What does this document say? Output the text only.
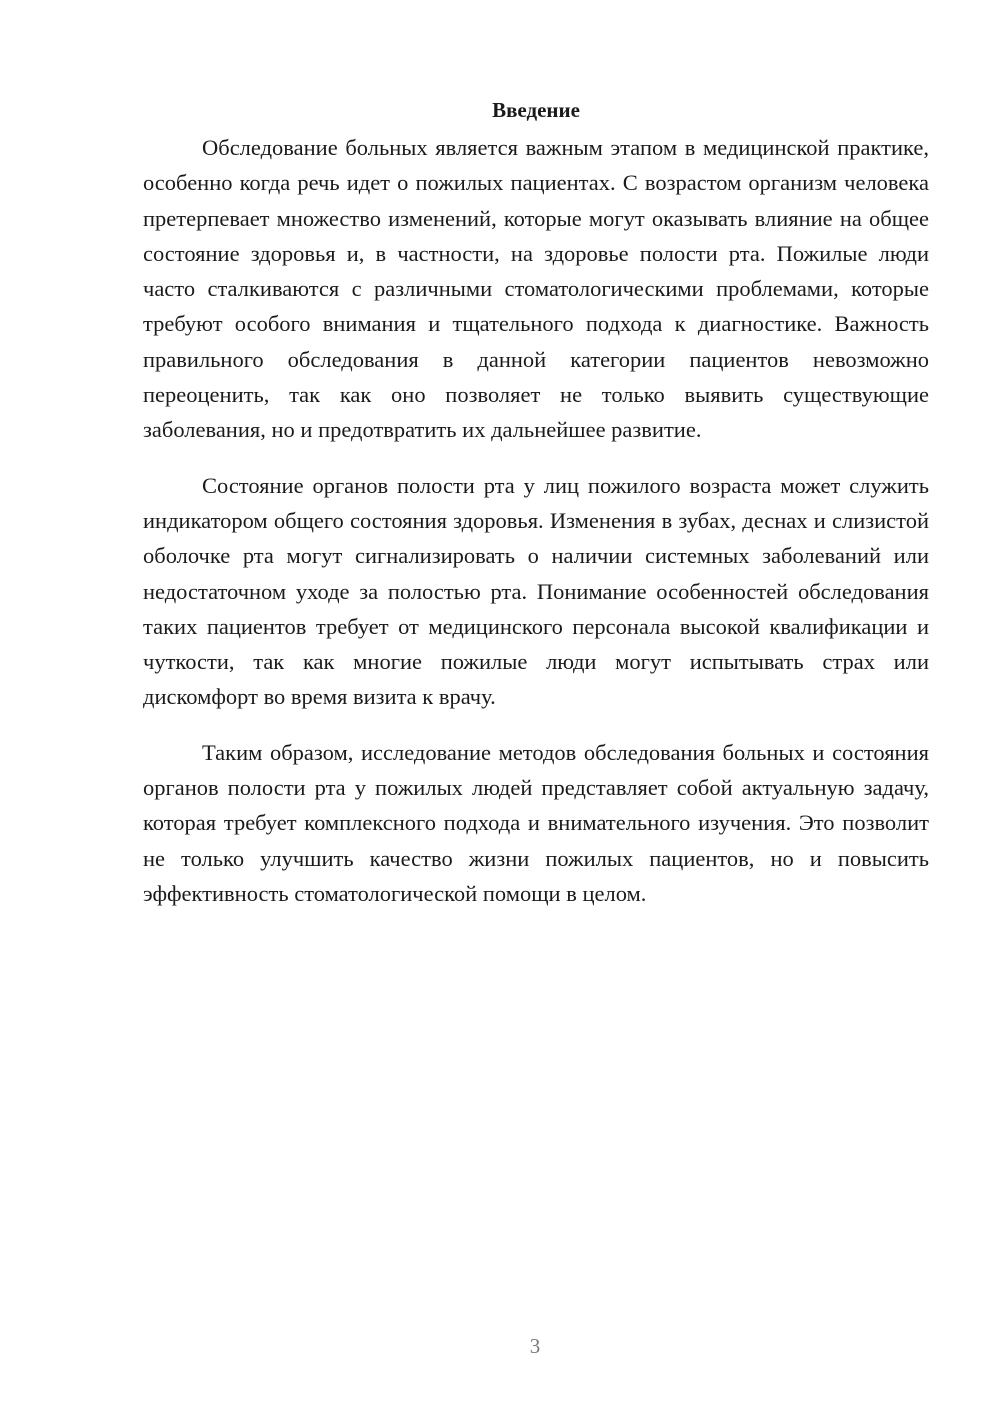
Введение

Обследование больных является важным этапом в медицинской практике, особенно когда речь идет о пожилых пациентах. С возрастом организм человека претерпевает множество изменений, которые могут оказывать влияние на общее состояние здоровья и, в частности, на здоровье полости рта. Пожилые люди часто сталкиваются с различными стоматологическими проблемами, которые требуют особого внимания и тщательного подхода к диагностике. Важность правильного обследования в данной категории пациентов невозможно переоценить, так как оно позволяет не только выявить существующие заболевания, но и предотвратить их дальнейшее развитие.

Состояние органов полости рта у лиц пожилого возраста может служить индикатором общего состояния здоровья. Изменения в зубах, деснах и слизистой оболочке рта могут сигнализировать о наличии системных заболеваний или недостаточном уходе за полостью рта. Понимание особенностей обследования таких пациентов требует от медицинского персонала высокой квалификации и чуткости, так как многие пожилые люди могут испытывать страх или дискомфорт во время визита к врачу.

Таким образом, исследование методов обследования больных и состояния органов полости рта у пожилых людей представляет собой актуальную задачу, которая требует комплексного подхода и внимательного изучения. Это позволит не только улучшить качество жизни пожилых пациентов, но и повысить эффективность стоматологической помощи в целом.

3
